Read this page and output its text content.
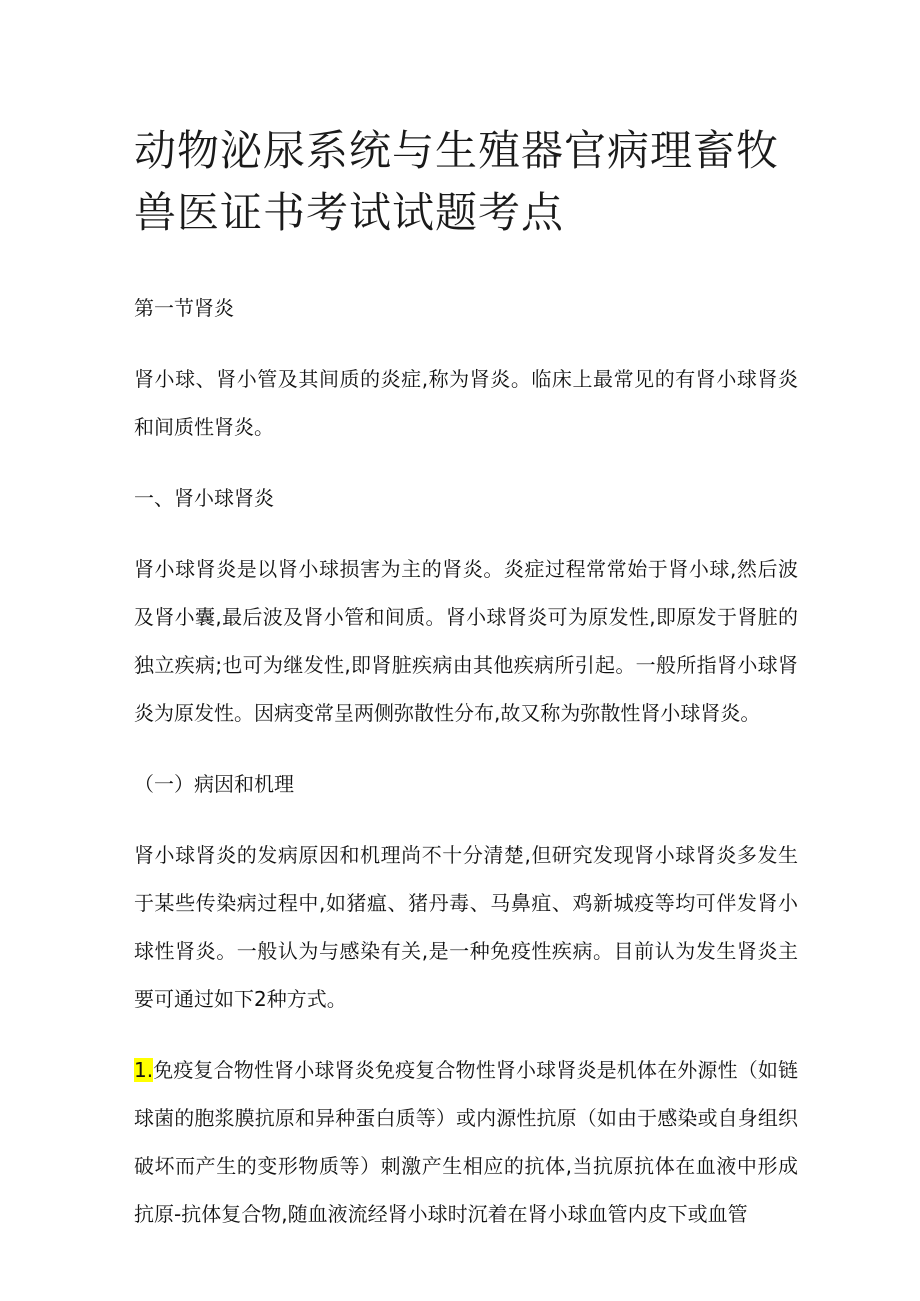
动物泌尿系统与生殖器官病理畜牧兽医证书考试试题考点

第一节肾炎

肾小球、肾小管及其间质的炎症,称为肾炎。临床上最常见的有肾小球肾炎和间质性肾炎。

一、肾小球肾炎

肾小球肾炎是以肾小球损害为主的肾炎。炎症过程常常始于肾小球,然后波及肾小囊,最后波及肾小管和间质。肾小球肾炎可为原发性,即原发于肾脏的独立疾病;也可为继发性,即肾脏疾病由其他疾病所引起。一般所指肾小球肾炎为原发性。因病变常呈两侧弥散性分布,故又称为弥散性肾小球肾炎。

（一）病因和机理

肾小球肾炎的发病原因和机理尚不十分清楚,但研究发现肾小球肾炎多发生于某些传染病过程中,如猪瘟、猪丹毒、马鼻疽、鸡新城疫等均可伴发肾小球性肾炎。一般认为与感染有关,是一种免疫性疾病。目前认为发生肾炎主要可通过如下2种方式。

1.免疫复合物性肾小球肾炎免疫复合物性肾小球肾炎是机体在外源性（如链球菌的胞浆膜抗原和异种蛋白质等）或内源性抗原（如由于感染或自身组织破坏而产生的变形物质等）刺激产生相应的抗体,当抗原抗体在血液中形成抗原-抗体复合物,随血液流经肾小球时沉着在肾小球血管内皮下或血管
